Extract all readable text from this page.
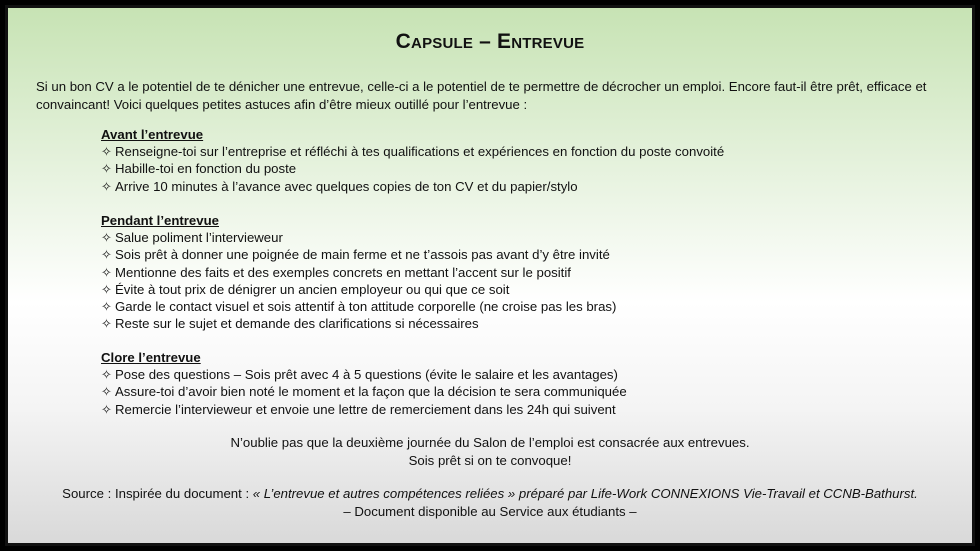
Capsule – Entrevue
Si un bon CV a le potentiel de te dénicher une entrevue, celle-ci a le potentiel de te permettre de décrocher un emploi. Encore faut-il être prêt, efficace et convaincant! Voici quelques petites astuces afin d’être mieux outillé pour l’entrevue :
Avant l’entrevue
✧ Renseigne-toi sur l’entreprise et réfléchi à tes qualifications et expériences en fonction du poste convoité
✧ Habille-toi en fonction du poste
✧ Arrive 10 minutes à l’avance avec quelques copies de ton CV et du papier/stylo
Pendant l’entrevue
✧ Salue poliment l’intervieweur
✧ Sois prêt à donner une poignée de main ferme et ne t’assois pas avant d’y être invité
✧ Mentionne des faits et des exemples concrets en mettant l’accent sur le positif
✧ Évite à tout prix de dénigrer un ancien employeur ou qui que ce soit
✧ Garde le contact visuel et sois attentif à ton attitude corporelle (ne croise pas les bras)
✧ Reste sur le sujet et demande des clarifications si nécessaires
Clore l’entrevue
✧ Pose des questions – Sois prêt avec 4 à 5 questions (évite le salaire et les avantages)
✧ Assure-toi d’avoir bien noté le moment et la façon que la décision te sera communiquée
✧ Remercie l’intervieweur et envoie une lettre de remerciement dans les 24h qui suivent
N’oublie pas que la deuxième journée du Salon de l’emploi est consacrée aux entrevues.
Sois prêt si on te convoque!
Source : Inspirée du document : « L’entrevue et autres compétences reliées » préparé par Life-Work CONNEXIONS Vie-Travail et CCNB-Bathurst.
– Document disponible au Service aux étudiants –
